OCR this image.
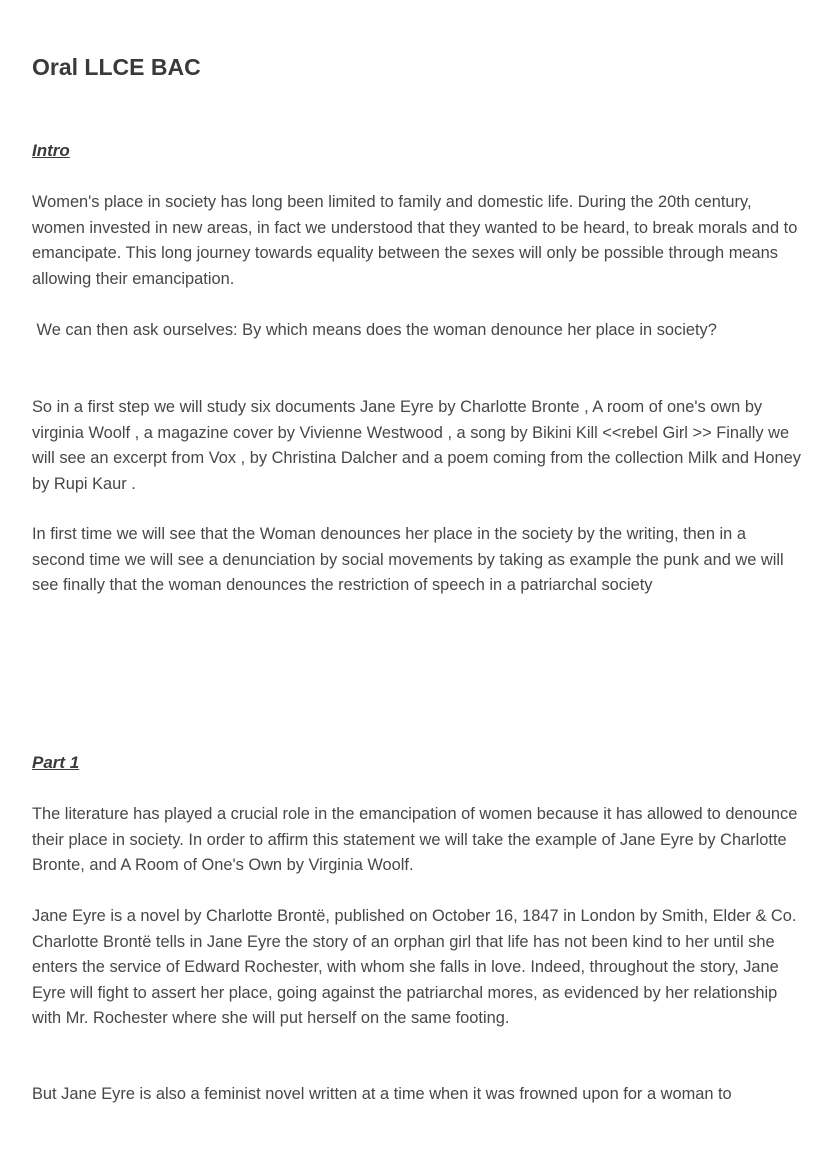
Oral LLCE BAC
Intro

Women's place in society has long been limited to family and domestic life. During the 20th century, women invested in new areas, in fact we understood that they wanted to be heard, to break morals and to emancipate. This long journey towards equality between the sexes will only be possible through means allowing their emancipation.

We can then ask ourselves: By which means does the woman denounce her place in society?

So in a first step we will study six documents Jane Eyre by Charlotte Bronte , A room of one's own by virginia Woolf , a magazine cover by Vivienne Westwood , a song by Bikini Kill <<rebel Girl >> Finally we will see an excerpt from Vox , by Christina Dalcher and a poem coming from the collection Milk and Honey by Rupi Kaur .

In first time we will see that the Woman denounces her place in the society by the writing, then in a second time we will see a denunciation by social movements by taking as example the punk and we will see finally that the woman denounces the restriction of speech in a patriarchal society

Part 1

The literature has played a crucial role in the emancipation of women because it has allowed to denounce their place in society. In order to affirm this statement we will take the example of Jane Eyre by Charlotte Bronte, and A Room of One's Own by Virginia Woolf.

Jane Eyre is a novel by Charlotte Brontë, published on October 16, 1847 in London by Smith, Elder & Co. Charlotte Brontë tells in Jane Eyre the story of an orphan girl that life has not been kind to her until she enters the service of Edward Rochester, with whom she falls in love. Indeed, throughout the story, Jane Eyre will fight to assert her place, going against the patriarchal mores, as evidenced by her relationship with Mr. Rochester where she will put herself on the same footing.

But Jane Eyre is also a feminist novel written at a time when it was frowned upon for a woman to
